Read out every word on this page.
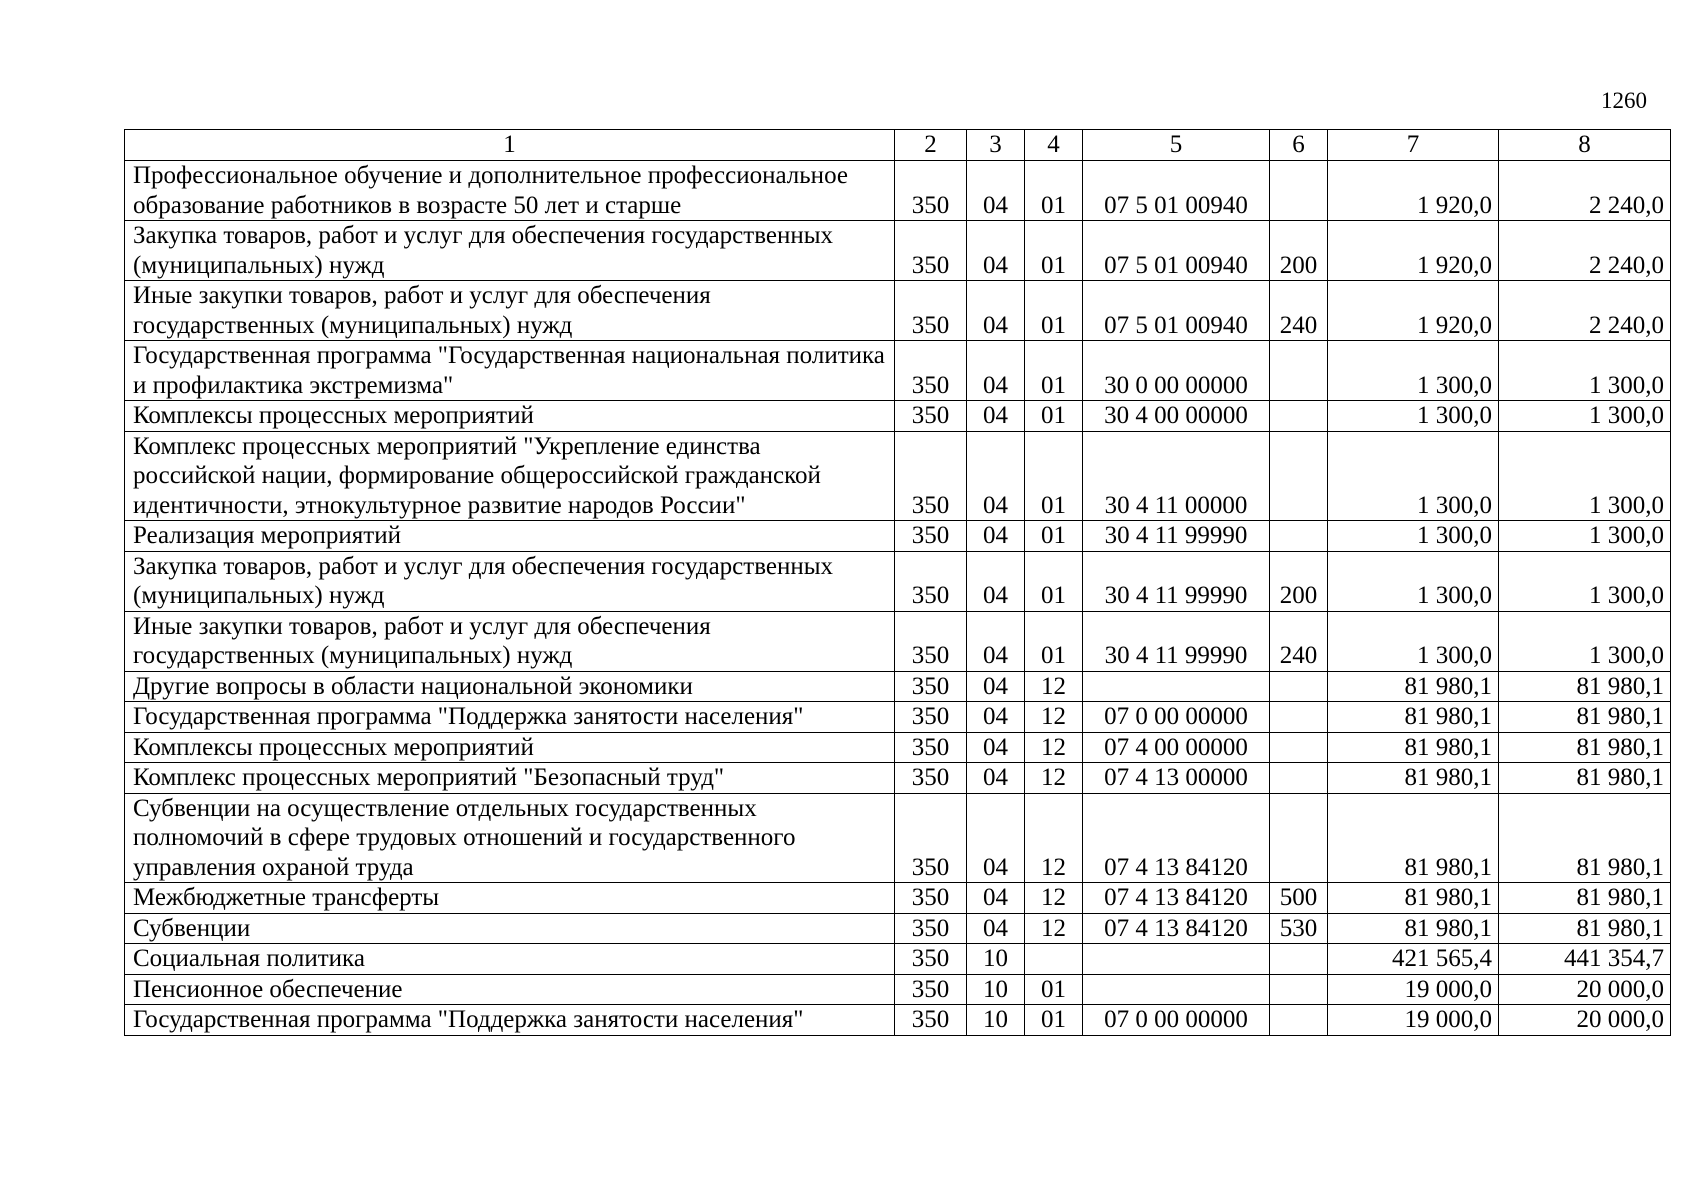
1260
1	2	3	4	5	6	7	8
Профессиональное обучение и дополнительное профессиональное образование работников в возрасте 50 лет и старше	350	04	01	07 5 01 00940		1 920,0	2 240,0
Закупка товаров, работ и услуг для обеспечения государственных (муниципальных) нужд	350	04	01	07 5 01 00940	200	1 920,0	2 240,0
Иные закупки товаров, работ и услуг для обеспечения государственных (муниципальных) нужд	350	04	01	07 5 01 00940	240	1 920,0	2 240,0
Государственная программа "Государственная национальная политика и профилактика экстремизма"	350	04	01	30 0 00 00000		1 300,0	1 300,0
Комплексы процессных мероприятий	350	04	01	30 4 00 00000		1 300,0	1 300,0
Комплекс процессных мероприятий "Укрепление единства российской нации, формирование общероссийской гражданской идентичности, этнокультурное развитие народов России"	350	04	01	30 4 11 00000		1 300,0	1 300,0
Реализация мероприятий	350	04	01	30 4 11 99990		1 300,0	1 300,0
Закупка товаров, работ и услуг для обеспечения государственных (муниципальных) нужд	350	04	01	30 4 11 99990	200	1 300,0	1 300,0
Иные закупки товаров, работ и услуг для обеспечения государственных (муниципальных) нужд	350	04	01	30 4 11 99990	240	1 300,0	1 300,0
Другие вопросы в области национальной экономики	350	04	12			81 980,1	81 980,1
Государственная программа "Поддержка занятости населения"	350	04	12	07 0 00 00000		81 980,1	81 980,1
Комплексы процессных мероприятий	350	04	12	07 4 00 00000		81 980,1	81 980,1
Комплекс процессных мероприятий "Безопасный труд"	350	04	12	07 4 13 00000		81 980,1	81 980,1
Субвенции на осуществление отдельных государственных полномочий в сфере трудовых отношений и государственного управления охраной труда	350	04	12	07 4 13 84120		81 980,1	81 980,1
Межбюджетные трансферты	350	04	12	07 4 13 84120	500	81 980,1	81 980,1
Субвенции	350	04	12	07 4 13 84120	530	81 980,1	81 980,1
Социальная политика	350	10				421 565,4	441 354,7
Пенсионное обеспечение	350	10	01			19 000,0	20 000,0
Государственная программа "Поддержка занятости населения"	350	10	01	07 0 00 00000		19 000,0	20 000,0
